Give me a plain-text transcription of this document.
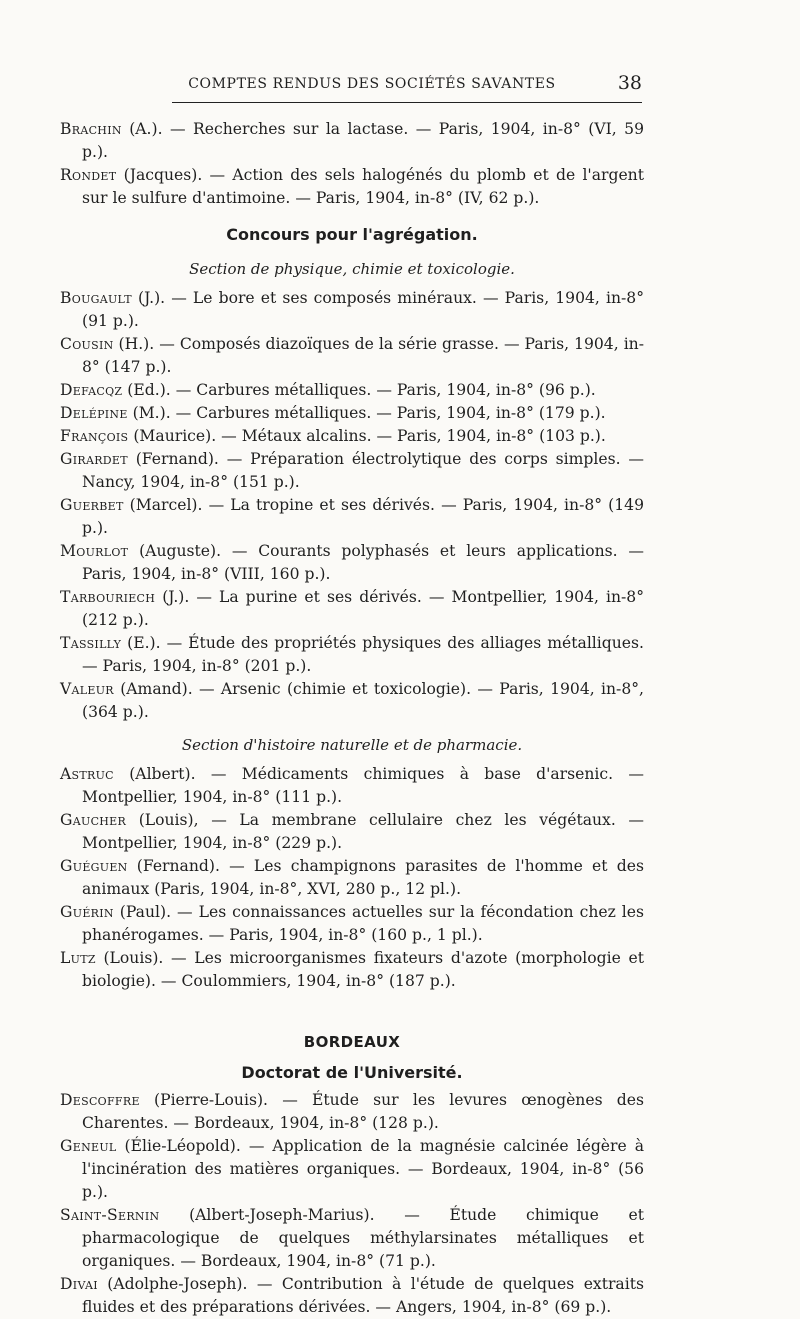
COMPTES RENDUS DES SOCIÉTÉS SAVANTES	38
Brachin (A.). — Recherches sur la lactase. — Paris, 1904, in-8° (VI, 59 p.).
Rondet (Jacques). — Action des sels halogénés du plomb et de l'argent sur le sulfure d'antimoine. — Paris, 1904, in-8° (IV, 62 p.).
Concours pour l'agrégation.
Section de physique, chimie et toxicologie.
Bougault (J.). — Le bore et ses composés minéraux. — Paris, 1904, in-8° (91 p.).
Cousin (H.). — Composés diazoïques de la série grasse. — Paris, 1904, in-8° (147 p.).
Defacqz (Ed.). — Carbures métalliques. — Paris, 1904, in-8° (96 p.).
Delépine (M.). — Carbures métalliques. — Paris, 1904, in-8° (179 p.).
François (Maurice). — Métaux alcalins. — Paris, 1904, in-8° (103 p.).
Girardet (Fernand). — Préparation électrolytique des corps simples. — Nancy, 1904, in-8° (151 p.).
Guerbet (Marcel). — La tropine et ses dérivés. — Paris, 1904, in-8° (149 p.).
Mourlot (Auguste). — Courants polyphasés et leurs applications. — Paris, 1904, in-8° (VIII, 160 p.).
Tarbouriech (J.). — La purine et ses dérivés. — Montpellier, 1904, in-8° (212 p.).
Tassilly (E.). — Étude des propriétés physiques des alliages métalliques. — Paris, 1904, in-8° (201 p.).
Valeur (Amand). — Arsenic (chimie et toxicologie). — Paris, 1904, in-8°, (364 p.).
Section d'histoire naturelle et de pharmacie.
Astruc (Albert). — Médicaments chimiques à base d'arsenic. — Montpellier, 1904, in-8° (111 p.).
Gaucher (Louis), — La membrane cellulaire chez les végétaux. — Montpellier, 1904, in-8° (229 p.).
Guéguen (Fernand). — Les champignons parasites de l'homme et des animaux (Paris, 1904, in-8°, XVI, 280 p., 12 pl.).
Guérin (Paul). — Les connaissances actuelles sur la fécondation chez les phanérogames. — Paris, 1904, in-8° (160 p., 1 pl.).
Lutz (Louis). — Les microorganismes fixateurs d'azote (morphologie et biologie). — Coulommiers, 1904, in-8° (187 p.).
BORDEAUX
Doctorat de l'Université.
Descoffre (Pierre-Louis). — Étude sur les levures œnogènes des Charentes. — Bordeaux, 1904, in-8° (128 p.).
Geneul (Élie-Léopold). — Application de la magnésie calcinée légère à l'incinération des matières organiques. — Bordeaux, 1904, in-8° (56 p.).
Saint-Sernin (Albert-Joseph-Marius). — Étude chimique et pharmacologique de quelques méthylarsinates métalliques et organiques. — Bordeaux, 1904, in-8° (71 p.).
Divai (Adolphe-Joseph). — Contribution à l'étude de quelques extraits fluides et des préparations dérivées. — Angers, 1904, in-8° (69 p.).
